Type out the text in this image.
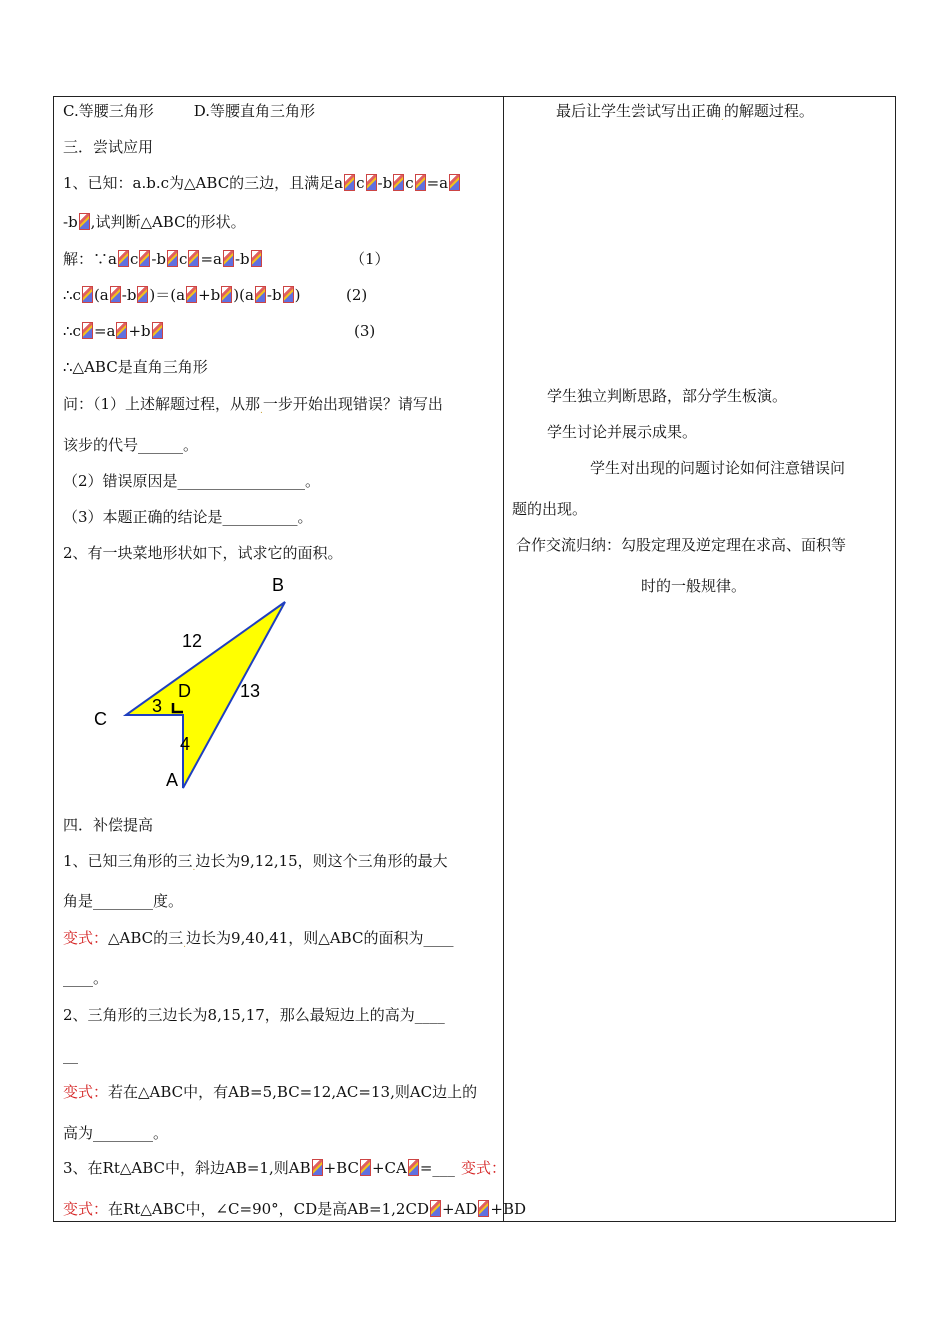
C.等腰三角形	D.等腰直角三角形
三．尝试应用
1、已知：a.b.c为△ABC的三边，且满足a c -b c =a
-b ,试判断△ABC的形状。
解：∵a c -b c =a -b	（1）
∴c (a -b )＝(a +b )(a -b )	(2)
∴c =a +b	(3)
∴△ABC是直角三角形
问：（1）上述解题过程，从那$_.$一步开始出现错误？请写出
该步的代号______。
（2）错误原因是_________________。
（3）本题正确的结论是__________。
2、有一块菜地形状如下，试求它的面积。
B
12
D	13
3
C
4
A
四．补偿提高
1、已知三角形的三$_.$边长为9,12,15，则这个三角形的最大
角是________度。
变式：△ABC的三$_.$边长为9,40,41，则△ABC的面积为____
____。
2、三角形的三边长为8,15,17，那么最短边上的高为____
__
变式：若在△ABC中，有AB=5,BC=12,AC=13,则AC边上的
高为________。
3、在Rt△ABC中，斜边AB=1,则AB +BC +CA =___ 变式：
变式：在Rt△ABC中，∠C=90°，CD是高AB=1,2CD +AD +BD
最后让学生尝试写出正确$_.$的解题过程。
学生独立判断思路，部分学生板演。
学生讨论并展示成果。
学生对出现的问题讨论如何注意错误问
题的出现。
合作交流归纳：勾股定理及逆定理在求高、面积等
时的一般规律。
